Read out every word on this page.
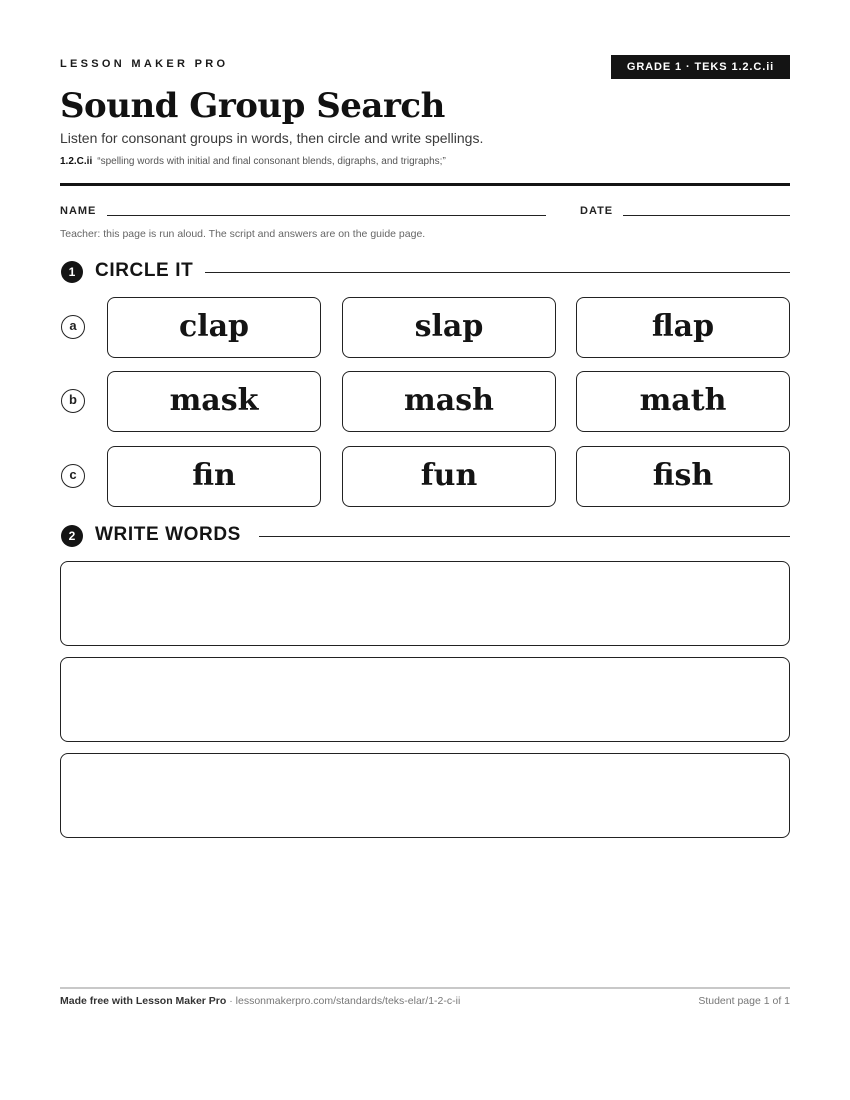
LESSON MAKER PRO	GRADE 1 · TEKS 1.2.C.ii
Sound Group Search
Listen for consonant groups in words, then circle and write spellings.
1.2.C.ii “spelling words with initial and final consonant blends, digraphs, and trigraphs;”
NAME	DATE
Teacher: this page is run aloud. The script and answers are on the guide page.
1	CIRCLE IT
a	clap	slap	flap
b	mask	mash	math
c	fin	fun	fish
2	WRITE WORDS
Made free with Lesson Maker Pro · lessonmakerpro.com/standards/teks-elar/1-2-c-ii	Student page 1 of 1
